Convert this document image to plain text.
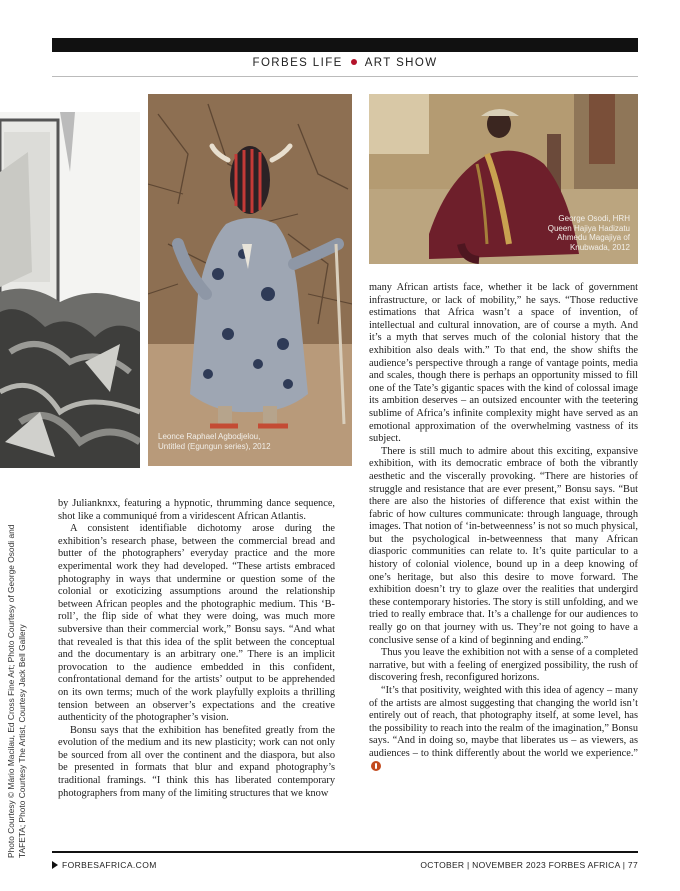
FORBES LIFE ART SHOW
Leonce Raphael Agbodjelou,
Untitled (Egungun series), 2012
George Osodi, HRH
Queen Hajiya Hadizatu
Ahmedu Magajiya of
Knubwada, 2012
Photo Courtesy © Mário Macilau, Ed Cross Fine Art; Photo Courtesy of George Osodi and TAFETA; Photo Courtesy The Artist, Courtesy Jack Bell Gallery

by Julianknxx, featuring a hypnotic, thrumming dance sequence, shot like a communiqué from a viridescent African Atlantis.

A consistent identifiable dichotomy arose during the exhibition’s research phase, between the commercial bread and butter of the photographers’ everyday practice and the more experimental work they had developed. “These artists embraced photography in ways that undermine or question some of the colonial or exoticizing assumptions around the relationship between African peoples and the photographic medium. This ‘B-roll’, the flip side of what they were doing, was much more subversive than their commercial work,” Bonsu says. “And what that revealed is that this idea of the split between the conceptual and the documentary is an arbitrary one.” There is an implicit provocation to the audience embedded in this confident, confrontational demand for the artists’ output to be apprehended on its own terms; much of the work playfully exploits a thrilling tension between an observer’s expectations and the creative authenticity of the photographer’s vision.

Bonsu says that the exhibition has benefited greatly from the evolution of the medium and its new plasticity; work can not only be sourced from all over the continent and the diaspora, but also be presented in formats that blur and expand photography’s traditional framings. “I think this has liberated contemporary photographers from many of the limiting structures that we know

many African artists face, whether it be lack of government infrastructure, or lack of mobility,” he says. “Those reductive estimations that Africa wasn’t a space of invention, of intellectual and cultural innovation, are of course a myth. And it’s a myth that serves much of the colonial history that the exhibition also deals with.” To that end, the show shifts the audience’s perspective through a range of vantage points, media and scales, though there is perhaps an opportunity missed to fill one of the Tate’s gigantic spaces with the kind of colossal image its ambition deserves – an outsized encounter with the teetering sublime of Africa’s infinite complexity might have served as an emotional approximation of the overwhelming vastness of its subject.

There is still much to admire about this exciting, expansive exhibition, with its democratic embrace of both the vibrantly aesthetic and the viscerally provoking. “There are histories of struggle and resistance that are ever present,” Bonsu says. “But there are also the histories of difference that exist within the fabric of how cultures communicate: through language, through images. That notion of ‘in-betweenness’ is not so much physical, but the psychological in-betweenness that many African diasporic communities can relate to. It’s quite particular to a history of colonial violence, bound up in a deep knowing of one’s heritage, but also this desire to move forward. The exhibition doesn’t try to glaze over the realities that undergird these contemporary histories. The story is still unfolding, and we tried to really embrace that. It’s a challenge for our audiences to really go on that journey with us. They’re not going to have a conclusive sense of a kind of beginning and ending.”

Thus you leave the exhibition not with a sense of a completed narrative, but with a feeling of energized possibility, the rush of discovering fresh, reconfigured horizons.

“It’s that positivity, weighted with this idea of agency – many of the artists are almost suggesting that changing the world isn’t entirely out of reach, that photography itself, at some level, has the possibility to reach into the realm of the imagination,” Bonsu says. “And in doing so, maybe that liberates us – as viewers, as audiences – to think differently about the world we experience.”

FORBESAFRICA.COM	OCTOBER | NOVEMBER 2023 FORBES AFRICA | 77
